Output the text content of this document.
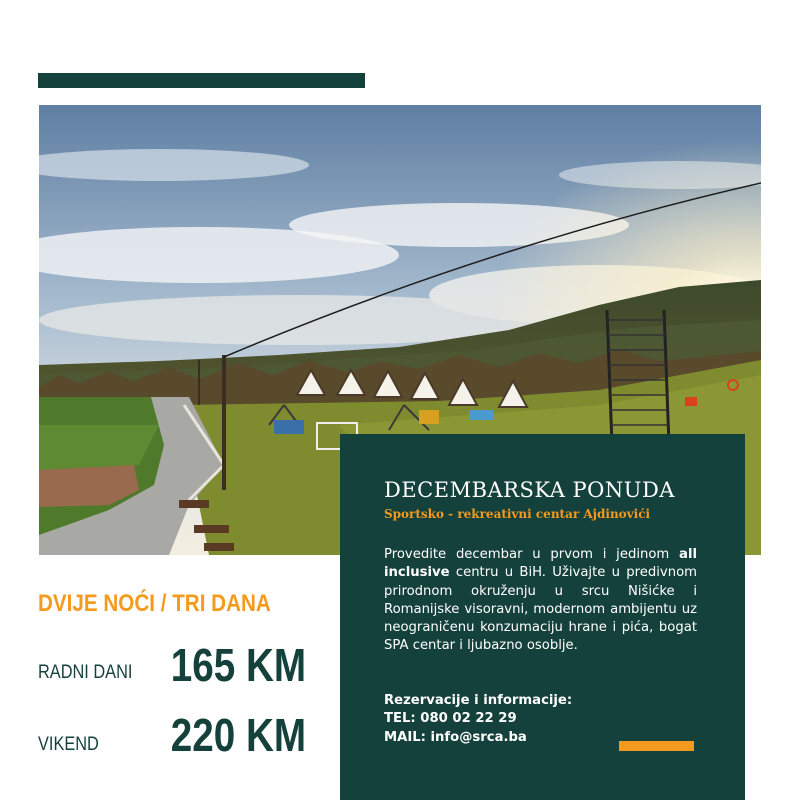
DECEMBARSKA PONUDA
Sportsko - rekreativni centar Ajdinovići
Provedite decembar u prvom i jedinom all inclusive centru u BiH. Uživajte u predivnom prirodnom okruženju u srcu Nišićke i Romanijske visoravni, modernom ambijentu uz neograničenu konzumaciju hrane i pića, bogat SPA centar i ljubazno osoblje.
Rezervacije i informacije:
TEL: 080 02 22 29
MAIL: info@srca.ba
DVIJE NOĆI / TRI DANA
RADNI DANI 165 KM
VIKEND 220 KM
